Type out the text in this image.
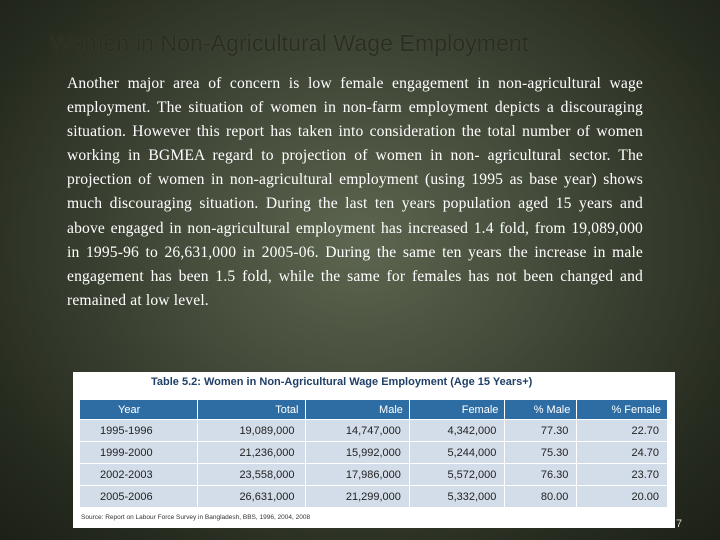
Women in Non-Agricultural Wage Employment
Another major area of concern is low female engagement in non-agricultural wage employment. The situation of women in non-farm employment depicts a discouraging situation. However this report has taken into consideration the total number of women working in BGMEA regard to projection of women in non- agricultural sector. The projection of women in non-agricultural employment (using 1995 as base year) shows much discouraging situation. During the last ten years population aged 15 years and above engaged in non-agricultural employment has increased 1.4 fold, from 19,089,000 in 1995-96 to 26,631,000 in 2005-06. During the same ten years the increase in male engagement has been 1.5 fold, while the same for females has not been changed and remained at low level.
Table 5.2: Women in Non-Agricultural Wage Employment (Age 15 Years+)
Year	Total	Male	Female	% Male	% Female
1995-1996	19,089,000	14,747,000	4,342,000	77.30	22.70
1999-2000	21,236,000	15,992,000	5,244,000	75.30	24.70
2002-2003	23,558,000	17,986,000	5,572,000	76.30	23.70
2005-2006	26,631,000	21,299,000	5,332,000	80.00	20.00
Source: Report on Labour Force Survey in Bangladesh, BBS, 1996, 2004, 2008
7
